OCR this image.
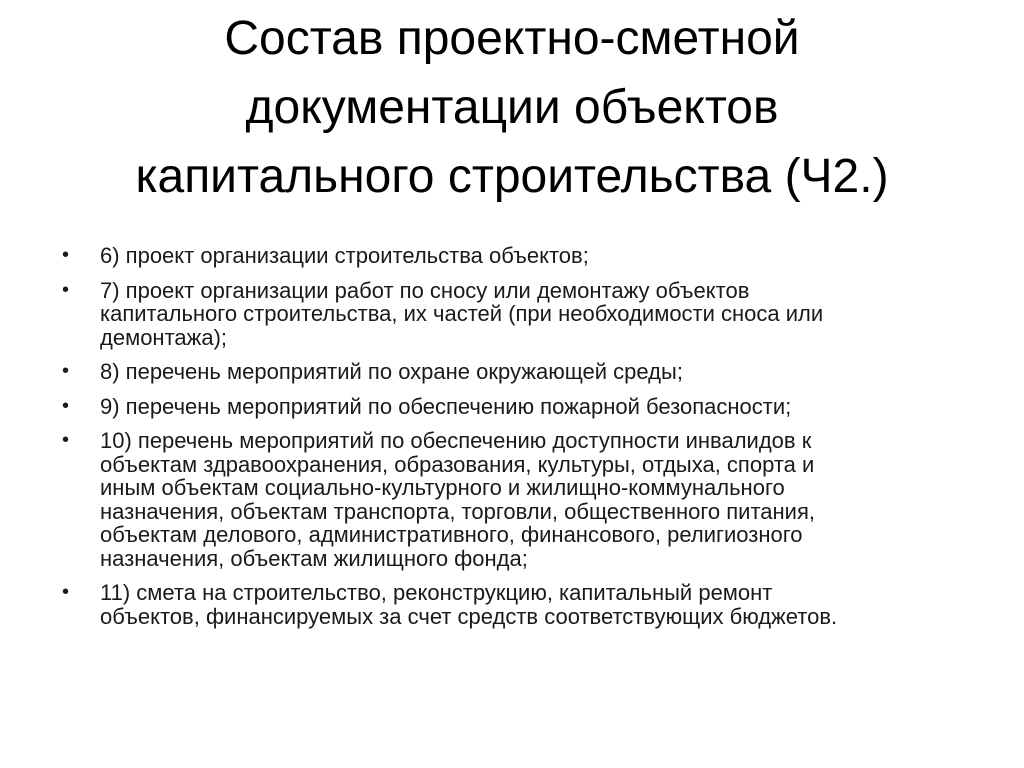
Состав проектно-сметной
документации объектов
капитального строительства (Ч2.)
• 6) проект организации строительства объектов;
• 7) проект организации работ по сносу или демонтажу объектов
капитального строительства, их частей (при необходимости сноса или
демонтажа);
• 8) перечень мероприятий по охране окружающей среды;
• 9) перечень мероприятий по обеспечению пожарной безопасности;
• 10) перечень мероприятий по обеспечению доступности инвалидов к
объектам здравоохранения, образования, культуры, отдыха, спорта и
иным объектам социально-культурного и жилищно-коммунального
назначения, объектам транспорта, торговли, общественного питания,
объектам делового, административного, финансового, религиозного
назначения, объектам жилищного фонда;
• 11) смета на строительство, реконструкцию, капитальный ремонт
объектов, финансируемых за счет средств соответствующих бюджетов.
